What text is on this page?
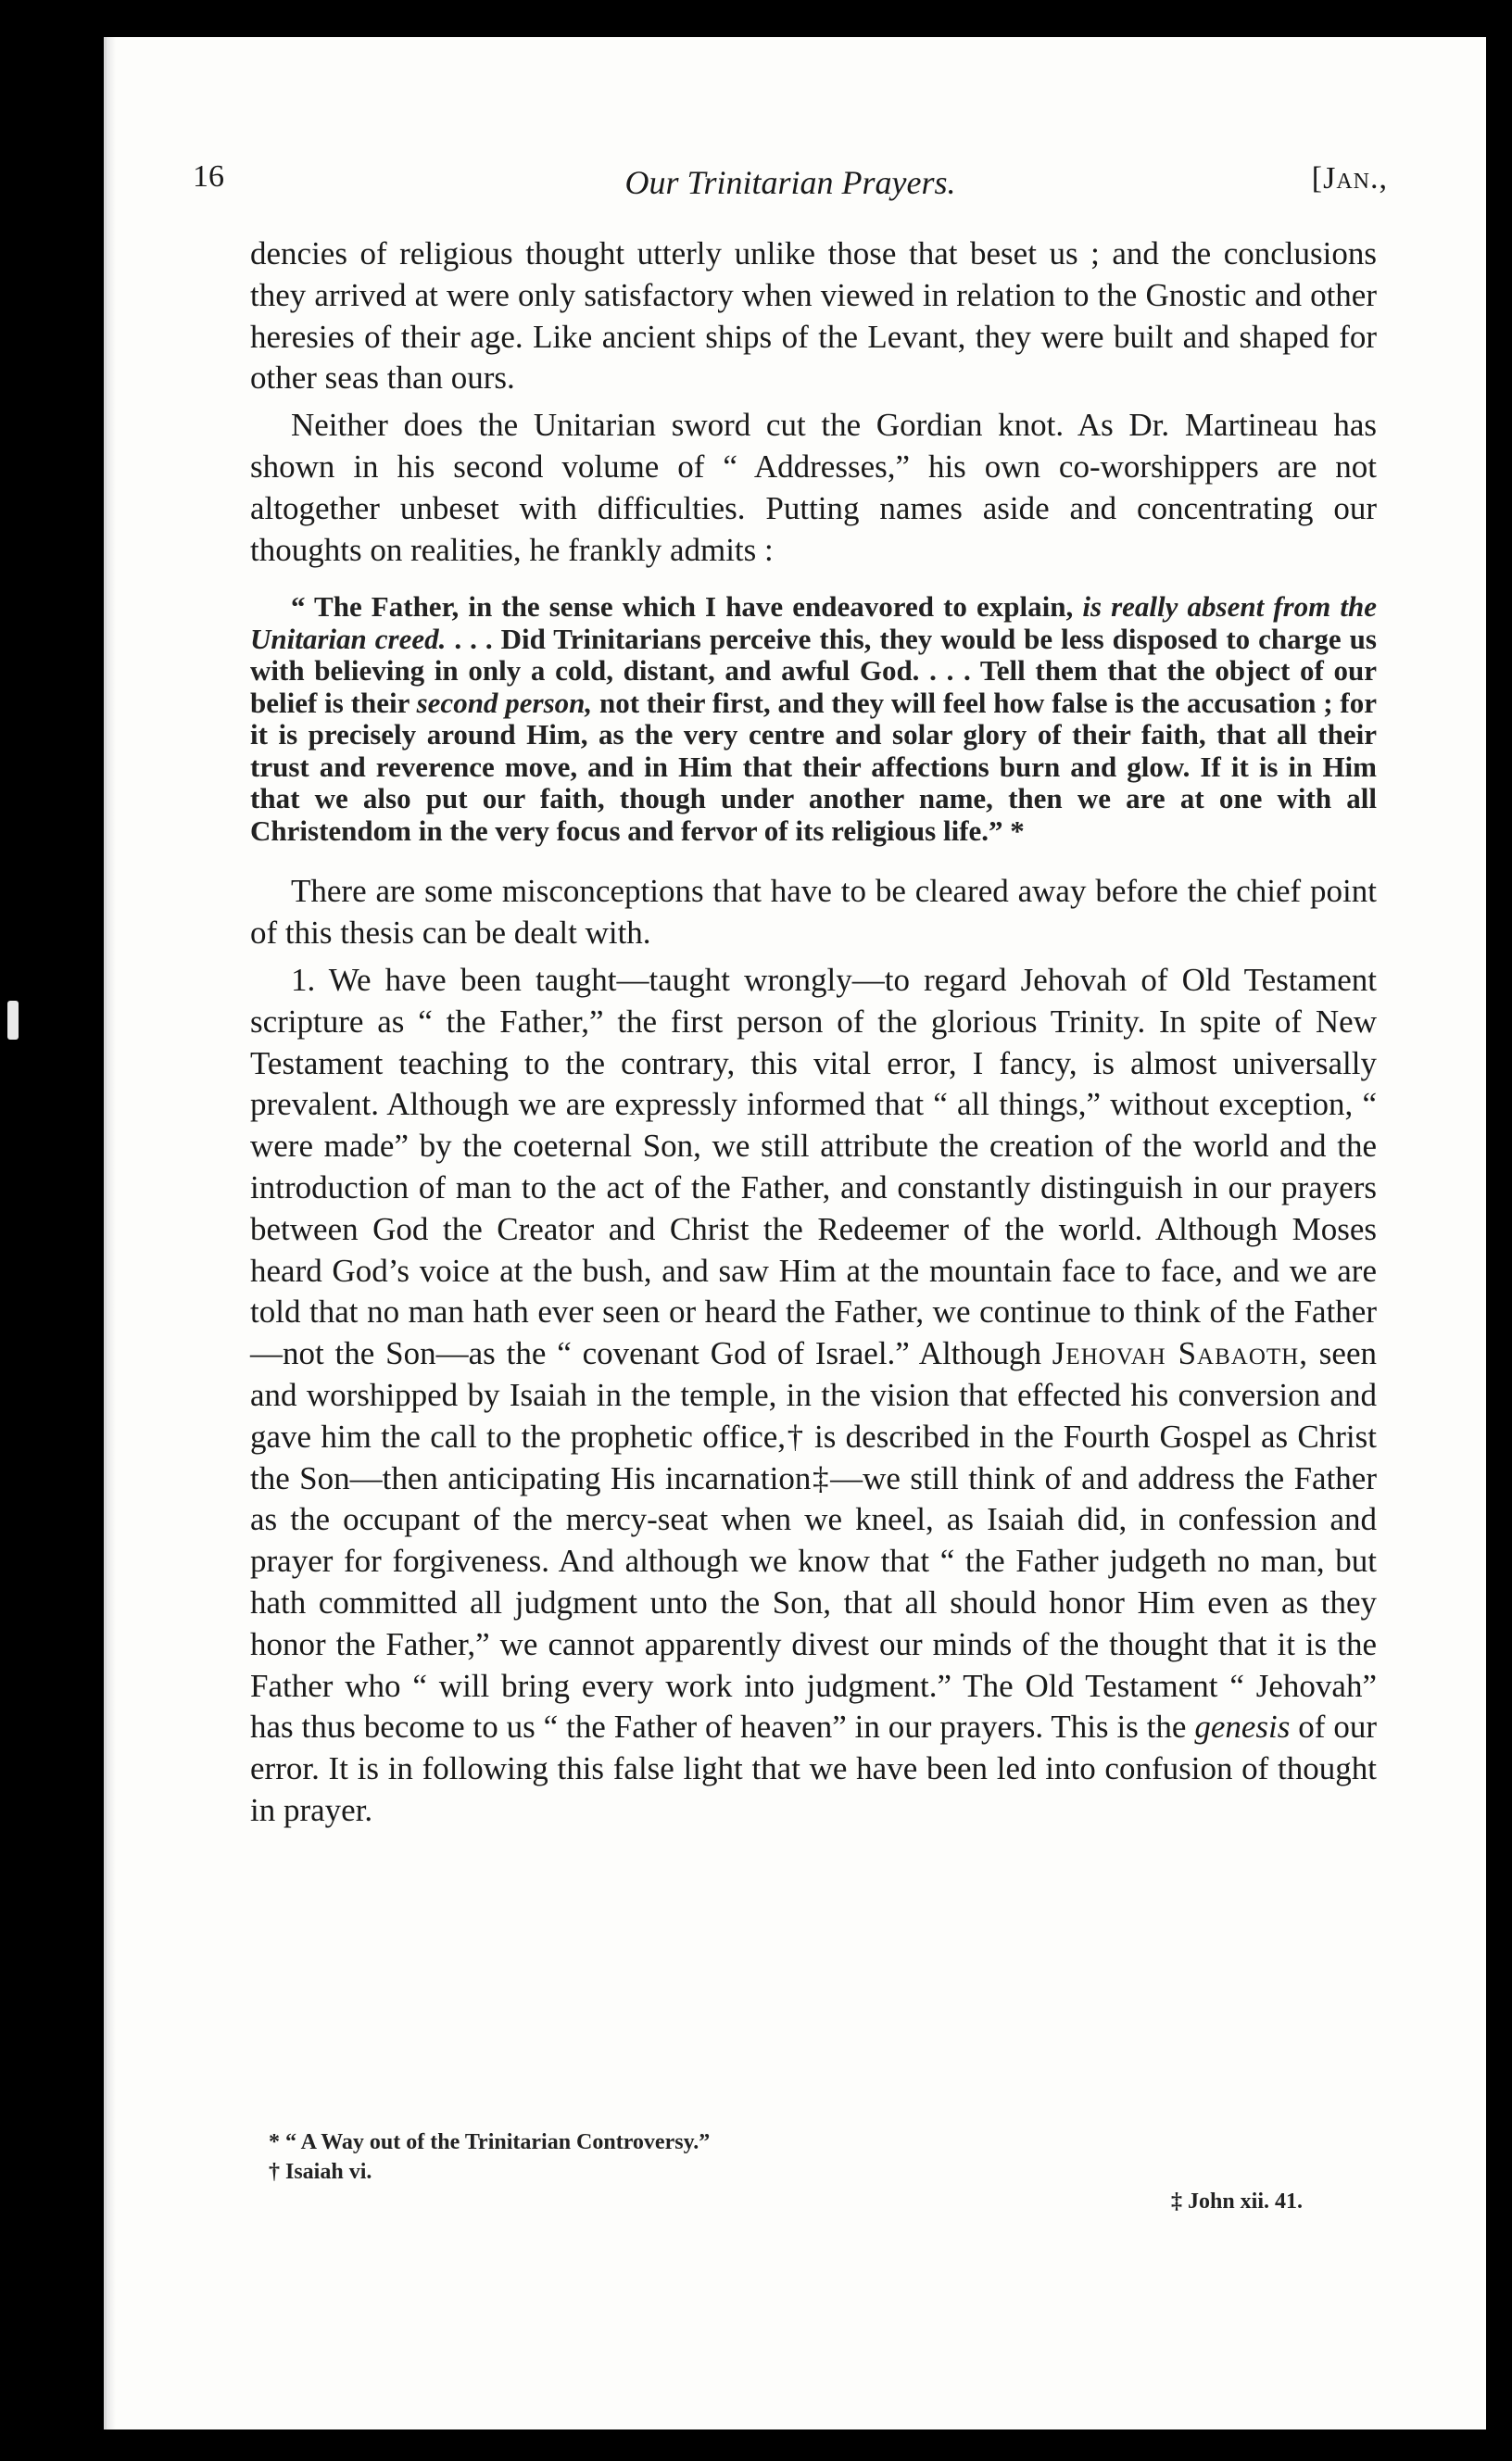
16	Our Trinitarian Prayers.	[Jan.,

dencies of religious thought utterly unlike those that beset us ; and the conclusions they arrived at were only satisfactory when viewed in relation to the Gnostic and other heresies of their age. Like ancient ships of the Levant, they were built and shaped for other seas than ours.

Neither does the Unitarian sword cut the Gordian knot. As Dr. Martineau has shown in his second volume of “ Addresses,” his own co-worshippers are not altogether unbeset with difficulties. Putting names aside and concentrating our thoughts on realities, he frankly admits :

“ The Father, in the sense which I have endeavored to explain, is really absent from the Unitarian creed. . . . Did Trinitarians perceive this, they would be less disposed to charge us with believing in only a cold, distant, and awful God. . . . Tell them that the object of our belief is their second person, not their first, and they will feel how false is the accusation ; for it is precisely around Him, as the very centre and solar glory of their faith, that all their trust and reverence move, and in Him that their affections burn and glow. If it is in Him that we also put our faith, though under another name, then we are at one with all Christendom in the very focus and fervor of its religious life.” *

There are some misconceptions that have to be cleared away before the chief point of this thesis can be dealt with.

1. We have been taught—taught wrongly—to regard Jehovah of Old Testament scripture as “ the Father,” the first person of the glorious Trinity. In spite of New Testament teaching to the contrary, this vital error, I fancy, is almost universally prevalent. Although we are expressly informed that “ all things,” without exception, “ were made” by the coeternal Son, we still attribute the creation of the world and the introduction of man to the act of the Father, and constantly distinguish in our prayers between God the Creator and Christ the Redeemer of the world. Although Moses heard God’s voice at the bush, and saw Him at the mountain face to face, and we are told that no man hath ever seen or heard the Father, we continue to think of the Father—not the Son—as the “ covenant God of Israel.” Although Jehovah Sabaoth, seen and worshipped by Isaiah in the temple, in the vision that effected his conversion and gave him the call to the prophetic office,† is described in the Fourth Gospel as Christ the Son—then anticipating His incarnation‡—we still think of and address the Father as the occupant of the mercy-seat when we kneel, as Isaiah did, in confession and prayer for forgiveness. And although we know that “ the Father judgeth no man, but hath committed all judgment unto the Son, that all should honor Him even as they honor the Father,” we cannot apparently divest our minds of the thought that it is the Father who “ will bring every work into judgment.” The Old Testament “ Jehovah” has thus become to us “ the Father of heaven” in our prayers. This is the genesis of our error. It is in following this false light that we have been led into confusion of thought in prayer.

* “ A Way out of the Trinitarian Controversy.”
† Isaiah vi.
‡ John xii. 41.
